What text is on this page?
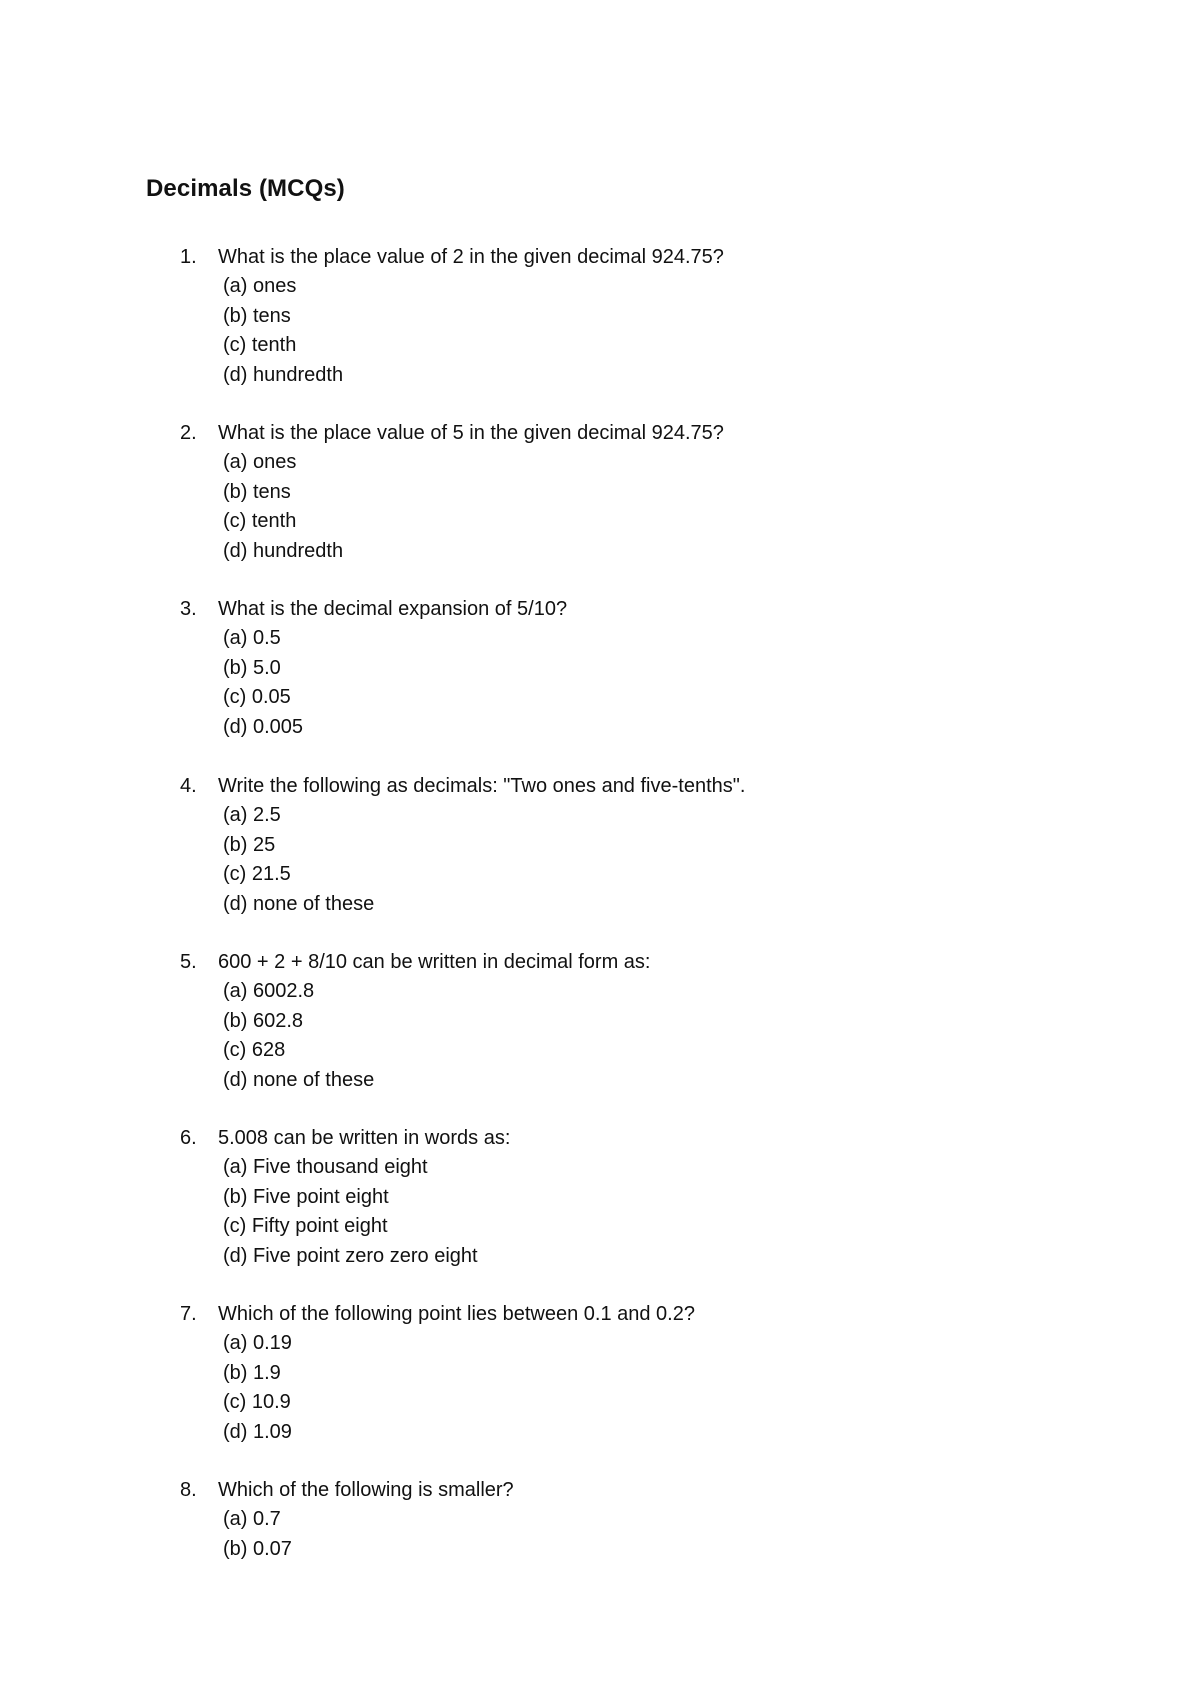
Decimals (MCQs)
1. What is the place value of 2 in the given decimal 924.75?
(a) ones
(b) tens
(c) tenth
(d) hundredth
2. What is the place value of 5 in the given decimal 924.75?
(a) ones
(b) tens
(c) tenth
(d) hundredth
3. What is the decimal expansion of 5/10?
(a) 0.5
(b) 5.0
(c) 0.05
(d) 0.005
4. Write the following as decimals: "Two ones and five-tenths".
(a) 2.5
(b) 25
(c) 21.5
(d) none of these
5. 600 + 2 + 8/10 can be written in decimal form as:
(a) 6002.8
(b) 602.8
(c) 628
(d) none of these
6. 5.008 can be written in words as:
(a) Five thousand eight
(b) Five point eight
(c) Fifty point eight
(d) Five point zero zero eight
7. Which of the following point lies between 0.1 and 0.2?
(a) 0.19
(b) 1.9
(c) 10.9
(d) 1.09
8. Which of the following is smaller?
(a) 0.7
(b) 0.07
